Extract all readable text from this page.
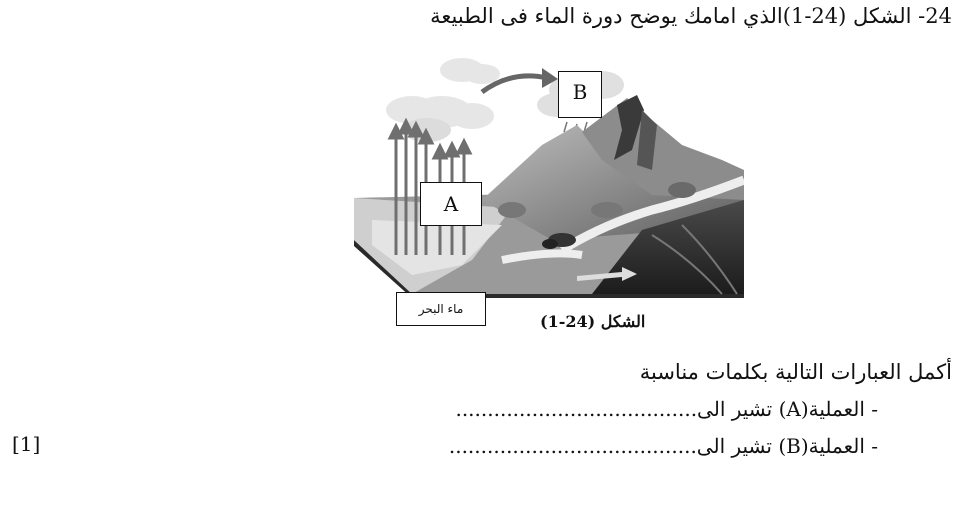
24- الشكل (24-1)الذي امامك يوضح دورة الماء فى الطبيعة
B
A
ماء البحر
الشكل (24-1)
أكمل العبارات التالية بكلمات مناسبة
- العملية(A) تشير الى......................................
- العملية(B) تشير الى.......................................
[1]
